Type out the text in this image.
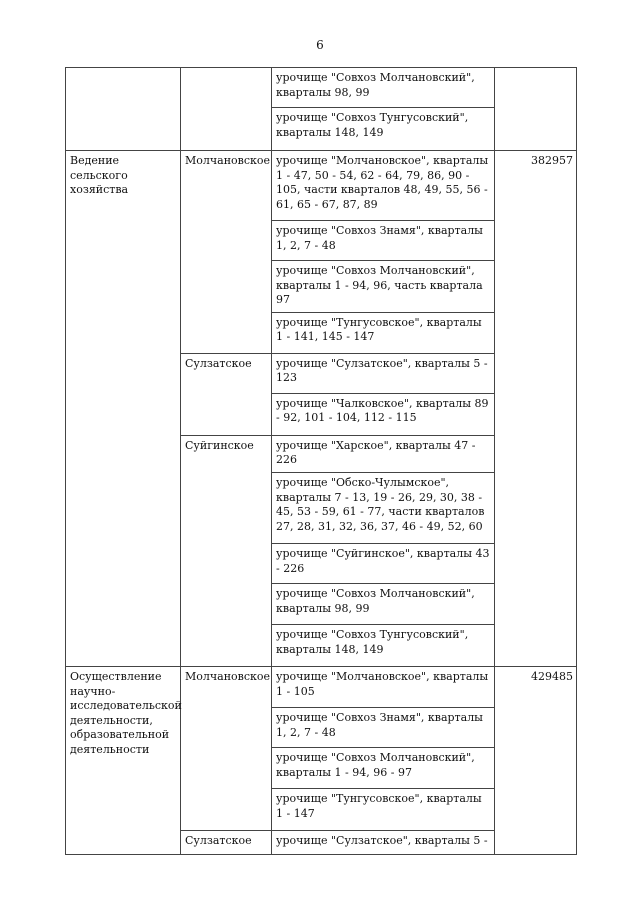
6
		урочище "Совхоз Молчановский", кварталы 98, 99	
		урочище "Совхоз Тунгусовский", кварталы 148, 149	
Ведение сельского хозяйства	Молчановское	урочище "Молчановское", кварталы 1 - 47, 50 - 54, 62 - 64, 79, 86, 90 - 105, части кварталов 48, 49, 55, 56 - 61, 65 - 67, 87, 89	382957
		урочище "Совхоз Знамя", кварталы 1, 2, 7 - 48	
		урочище "Совхоз Молчановский", кварталы 1 - 94, 96, часть квартала 97	
		урочище "Тунгусовское", кварталы 1 - 141, 145 - 147	
	Сулзатское	урочище "Сулзатское", кварталы 5 - 123	
		урочище "Чалковское", кварталы 89 - 92, 101 - 104, 112 - 115	
	Суйгинское	урочище "Харское", кварталы 47 - 226	
		урочище "Обско-Чулымское", кварталы 7 - 13, 19 - 26, 29, 30, 38 - 45, 53 - 59, 61 - 77, части кварталов 27, 28, 31, 32, 36, 37, 46 - 49, 52, 60	
		урочище "Суйгинское", кварталы 43 - 226	
		урочище "Совхоз Молчановский", кварталы 98, 99	
		урочище "Совхоз Тунгусовский", кварталы 148, 149	
Осуществление научно-исследовательской деятельности, образовательной деятельности	Молчановское	урочище "Молчановское", кварталы 1 - 105	429485
		урочище "Совхоз Знамя", кварталы 1, 2, 7 - 48	
		урочище "Совхоз Молчановский", кварталы 1 - 94, 96 - 97	
		урочище "Тунгусовское", кварталы 1 - 147	
	Сулзатское	урочище "Сулзатское", кварталы 5 -	
